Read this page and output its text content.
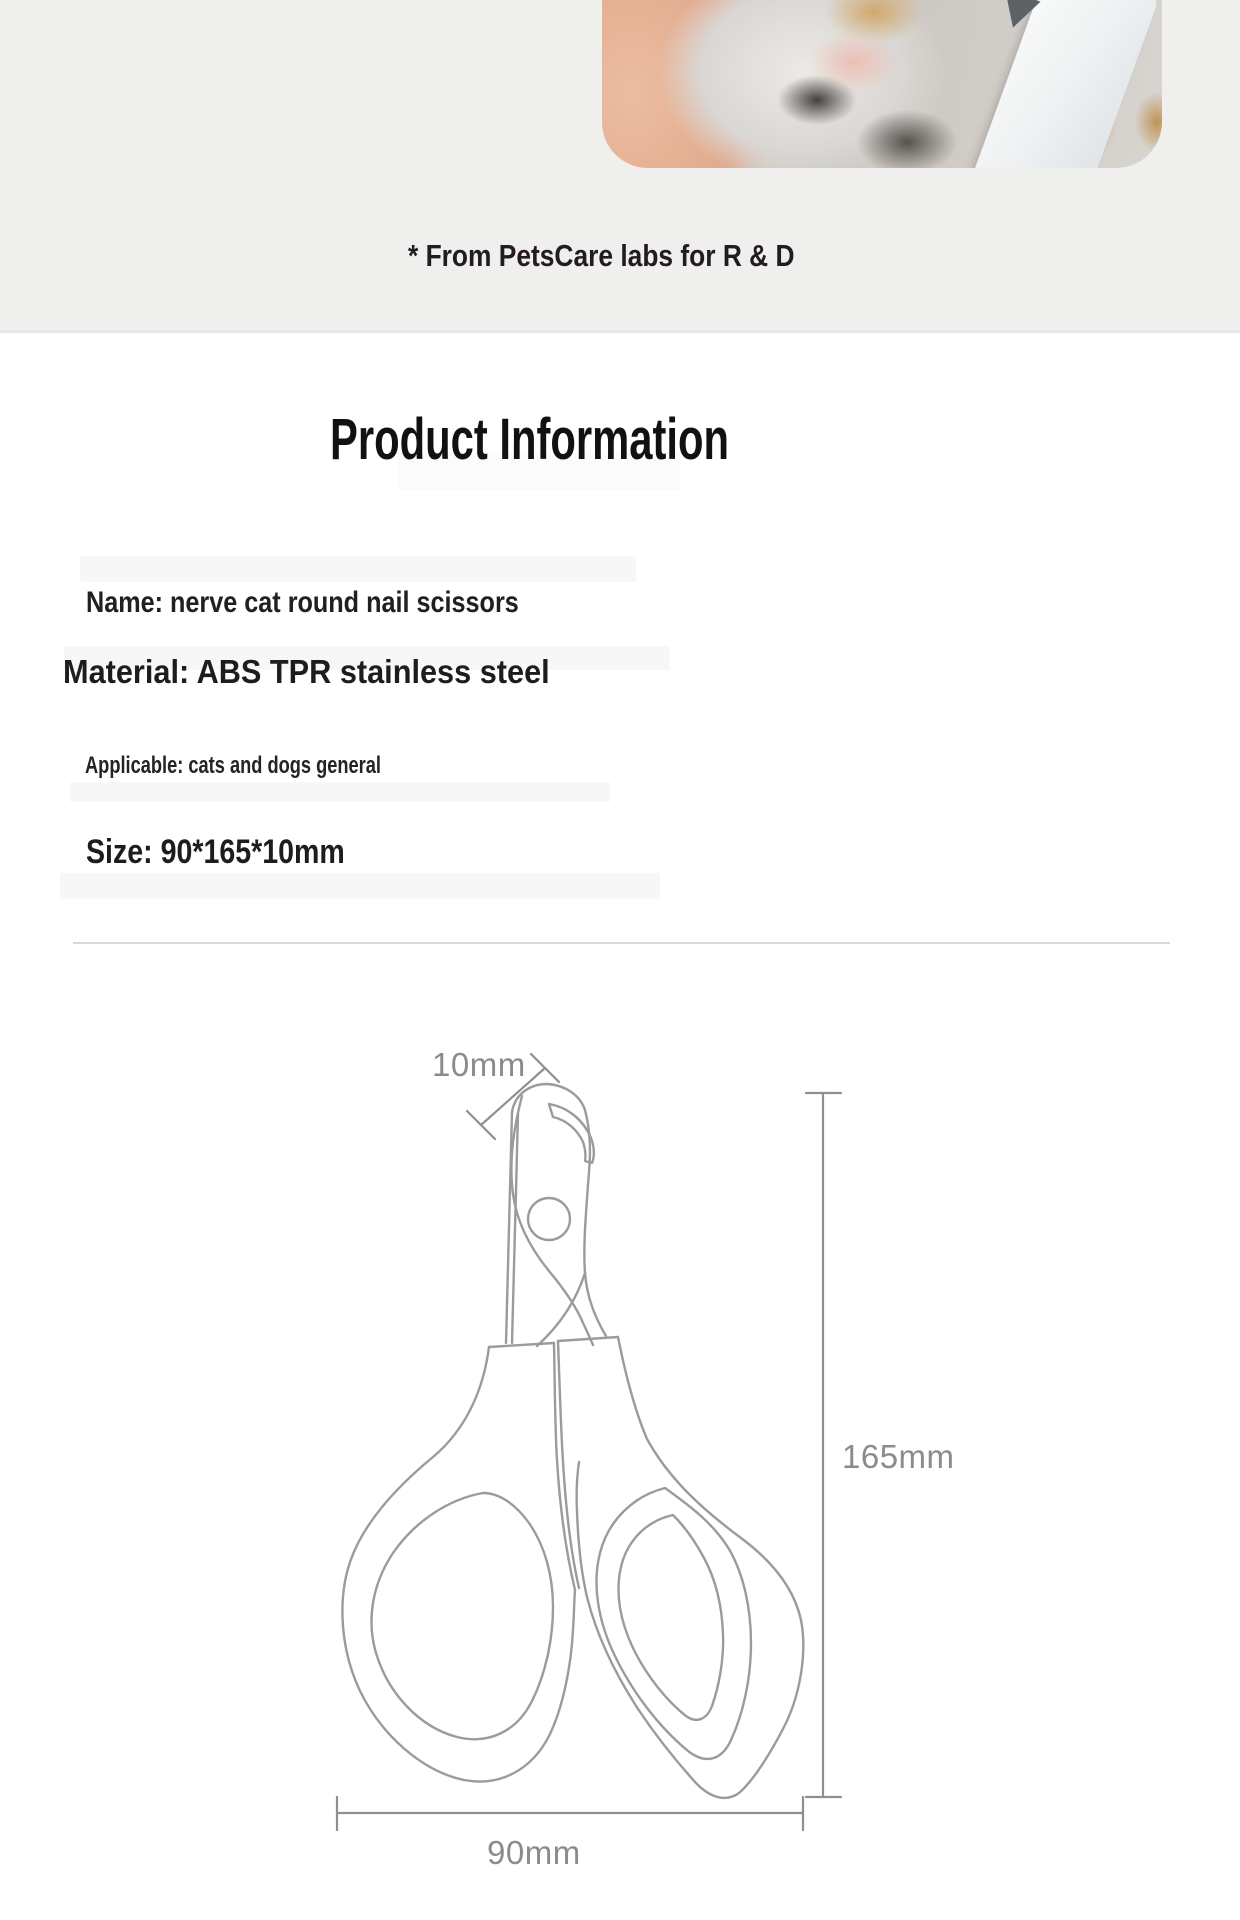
* From PetsCare labs for R & D
Product Information
Name: nerve cat round nail scissors
Material: ABS TPR stainless steel
Applicable: cats and dogs general
Size: 90*165*10mm
10mm
165mm
90mm
